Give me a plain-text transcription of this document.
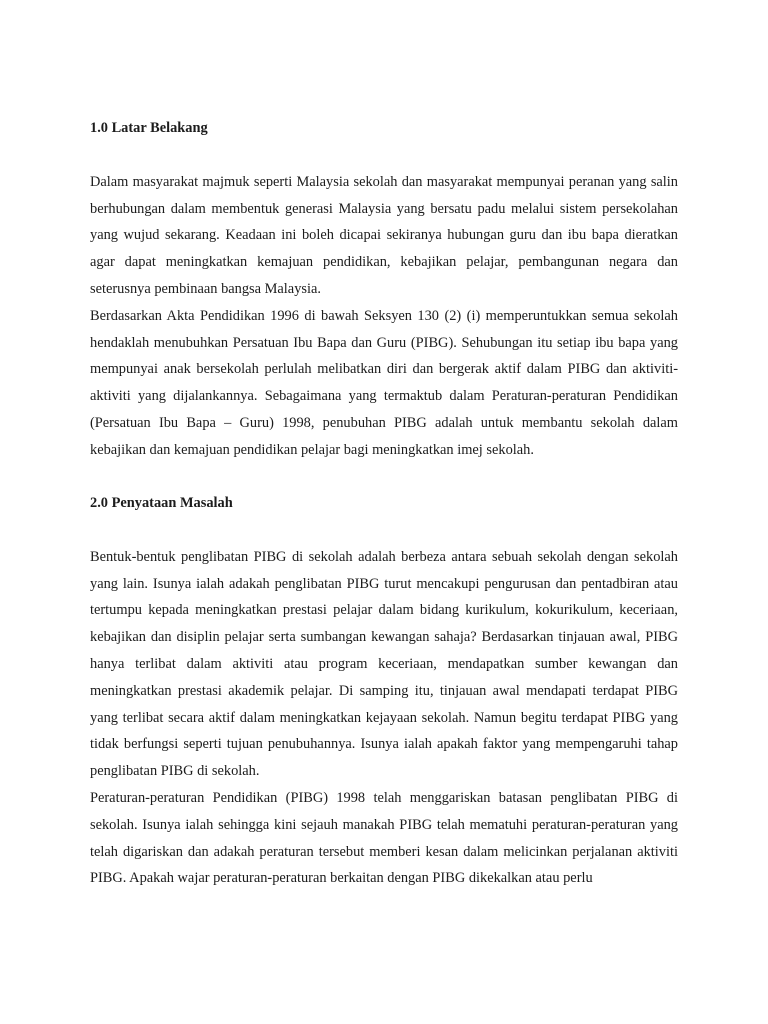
1.0 Latar Belakang

Dalam masyarakat majmuk seperti Malaysia sekolah dan masyarakat mempunyai peranan yang salin berhubungan dalam membentuk generasi Malaysia yang bersatu padu melalui sistem persekolahan yang wujud sekarang. Keadaan ini boleh dicapai sekiranya hubungan guru dan ibu bapa dieratkan agar dapat meningkatkan kemajuan pendidikan, kebajikan pelajar, pembangunan negara dan seterusnya pembinaan bangsa Malaysia.

Berdasarkan Akta Pendidikan 1996 di bawah Seksyen 130 (2) (i) memperuntukkan semua sekolah hendaklah menubuhkan Persatuan Ibu Bapa dan Guru (PIBG). Sehubungan itu setiap ibu bapa yang mempunyai anak bersekolah perlulah melibatkan diri dan bergerak aktif dalam PIBG dan aktiviti-aktiviti yang dijalankannya. Sebagaimana yang termaktub dalam Peraturan-peraturan Pendidikan (Persatuan Ibu Bapa – Guru) 1998, penubuhan PIBG adalah untuk membantu sekolah dalam kebajikan dan kemajuan pendidikan pelajar bagi meningkatkan imej sekolah.

2.0 Penyataan Masalah

Bentuk-bentuk penglibatan PIBG di sekolah adalah berbeza antara sebuah sekolah dengan sekolah yang lain. Isunya ialah adakah penglibatan PIBG turut mencakupi pengurusan dan pentadbiran atau tertumpu kepada meningkatkan prestasi pelajar dalam bidang kurikulum, kokurikulum, keceriaan, kebajikan dan disiplin pelajar serta sumbangan kewangan sahaja? Berdasarkan tinjauan awal, PIBG hanya terlibat dalam aktiviti atau program keceriaan, mendapatkan sumber kewangan dan meningkatkan prestasi akademik pelajar. Di samping itu, tinjauan awal mendapati terdapat PIBG yang terlibat secara aktif dalam meningkatkan kejayaan sekolah. Namun begitu terdapat PIBG yang tidak berfungsi seperti tujuan penubuhannya. Isunya ialah apakah faktor yang mempengaruhi tahap penglibatan PIBG di sekolah.

Peraturan-peraturan Pendidikan (PIBG) 1998 telah menggariskan batasan penglibatan PIBG di sekolah. Isunya ialah sehingga kini sejauh manakah PIBG telah mematuhi peraturan-peraturan yang telah digariskan dan adakah peraturan tersebut memberi kesan dalam melicinkan perjalanan aktiviti PIBG. Apakah wajar peraturan-peraturan berkaitan dengan PIBG dikekalkan atau perlu
